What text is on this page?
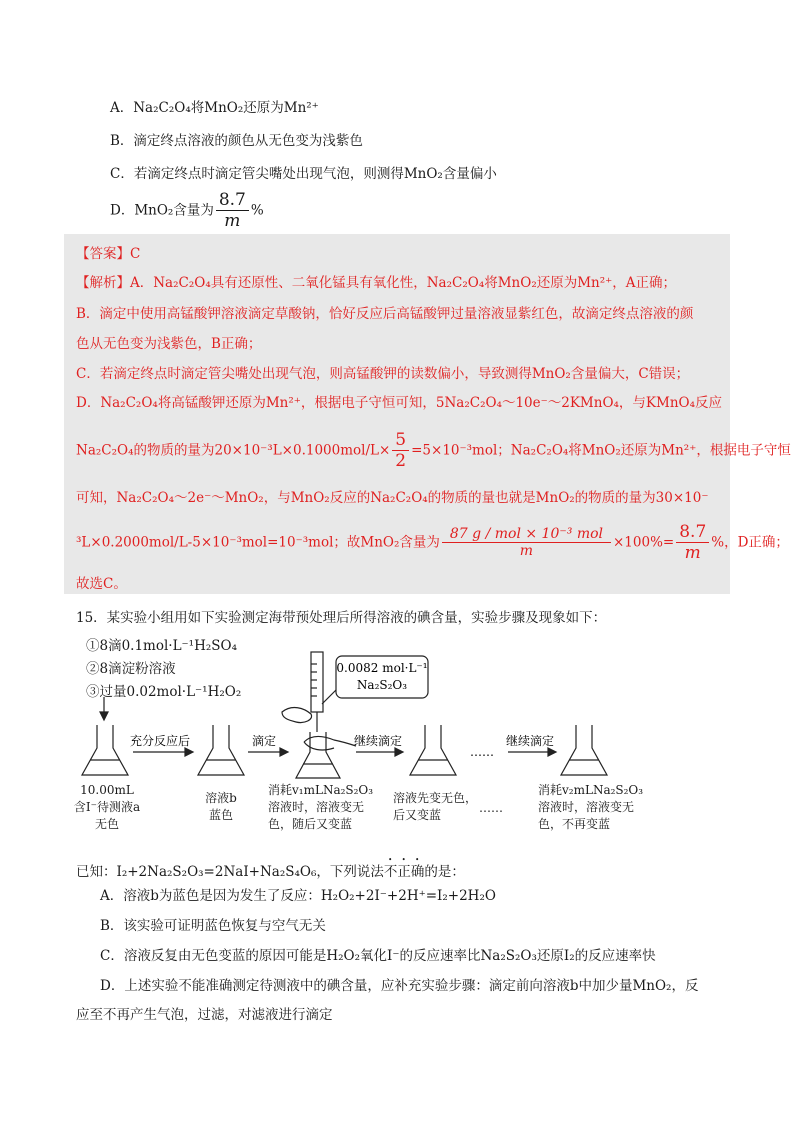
A．Na₂C₂O₄将MnO₂还原为Mn²⁺
B．滴定终点溶液的颜色从无色变为浅紫色
C．若滴定终点时滴定管尖嘴处出现气泡，则测得MnO₂含量偏小
D．MnO₂含量为 $\frac{8.7}{m}$ %
【答案】C
【解析】A．Na₂C₂O₄具有还原性、二氧化锰具有氧化性，Na₂C₂O₄将MnO₂还原为Mn²⁺，A正确；
B．滴定中使用高锰酸钾溶液滴定草酸钠，恰好反应后高锰酸钾过量溶液显紫红色，故滴定终点溶液的颜
色从无色变为浅紫色，B正确；
C．若滴定终点时滴定管尖嘴处出现气泡，则高锰酸钾的读数偏小，导致测得MnO₂含量偏大，C错误；
D．Na₂C₂O₄将高锰酸钾还原为Mn²⁺，根据电子守恒可知，5Na₂C₂O₄～10e⁻～2KMnO₄，与KMnO₄反应
Na₂C₂O₄的物质的量为$20\times 10^{-3}L\times 0.1000mol/L\times \frac{5}{2} =5\times 10^{-3}mol$；Na₂C₂O₄将MnO₂还原为Mn²⁺，根据电子守恒
可知，Na₂C₂O₄～2e⁻～MnO₂，与MnO₂反应的Na₂C₂O₄的物质的量也就是MnO₂的物质的量为30×10⁻
³L×0.2000mol/L-5×10⁻³mol=10⁻³mol；故MnO₂含量为 $\frac{\text{87 g / mol × 10⁻³ mol}}{m} \times 100\%= \frac{8.7}{m}$ %，D正确；
故选C。
15．某实验小组用如下实验测定海带预处理后所得溶液的碘含量，实验步骤及现象如下：
①8滴0.1mol·L⁻¹H₂SO₄
②8滴淀粉溶液
③过量0.02mol·L⁻¹H₂O₂
0.0082 mol·L⁻¹
Na₂S₂O₃
充分反应后	滴定	继续滴定
……
继续滴定
10.00mL
含I⁻待测液a
无色
溶液b
蓝色
消耗v₁mLNa₂S₂O₃
溶液时，溶液变无
色，随后又变蓝
溶液先变无色，
后又变蓝	……
消耗v₂mLNa₂S₂O₃
溶液时，溶液变无
色，不再变蓝
已知：I₂+2Na₂S₂O₃=2NaI+Na₂S₄O₆，下列说法不正确的是：
A．溶液b为蓝色是因为发生了反应：H₂O₂+2I⁻+2H⁺=I₂+2H₂O
B．该实验可证明蓝色恢复与空气无关
C．溶液反复由无色变蓝的原因可能是H₂O₂氧化I⁻的反应速率比Na₂S₂O₃还原I₂的反应速率快
D．上述实验不能准确测定待测液中的碘含量，应补充实验步骤：滴定前向溶液b中加少量MnO₂，反
应至不再产生气泡，过滤，对滤液进行滴定
